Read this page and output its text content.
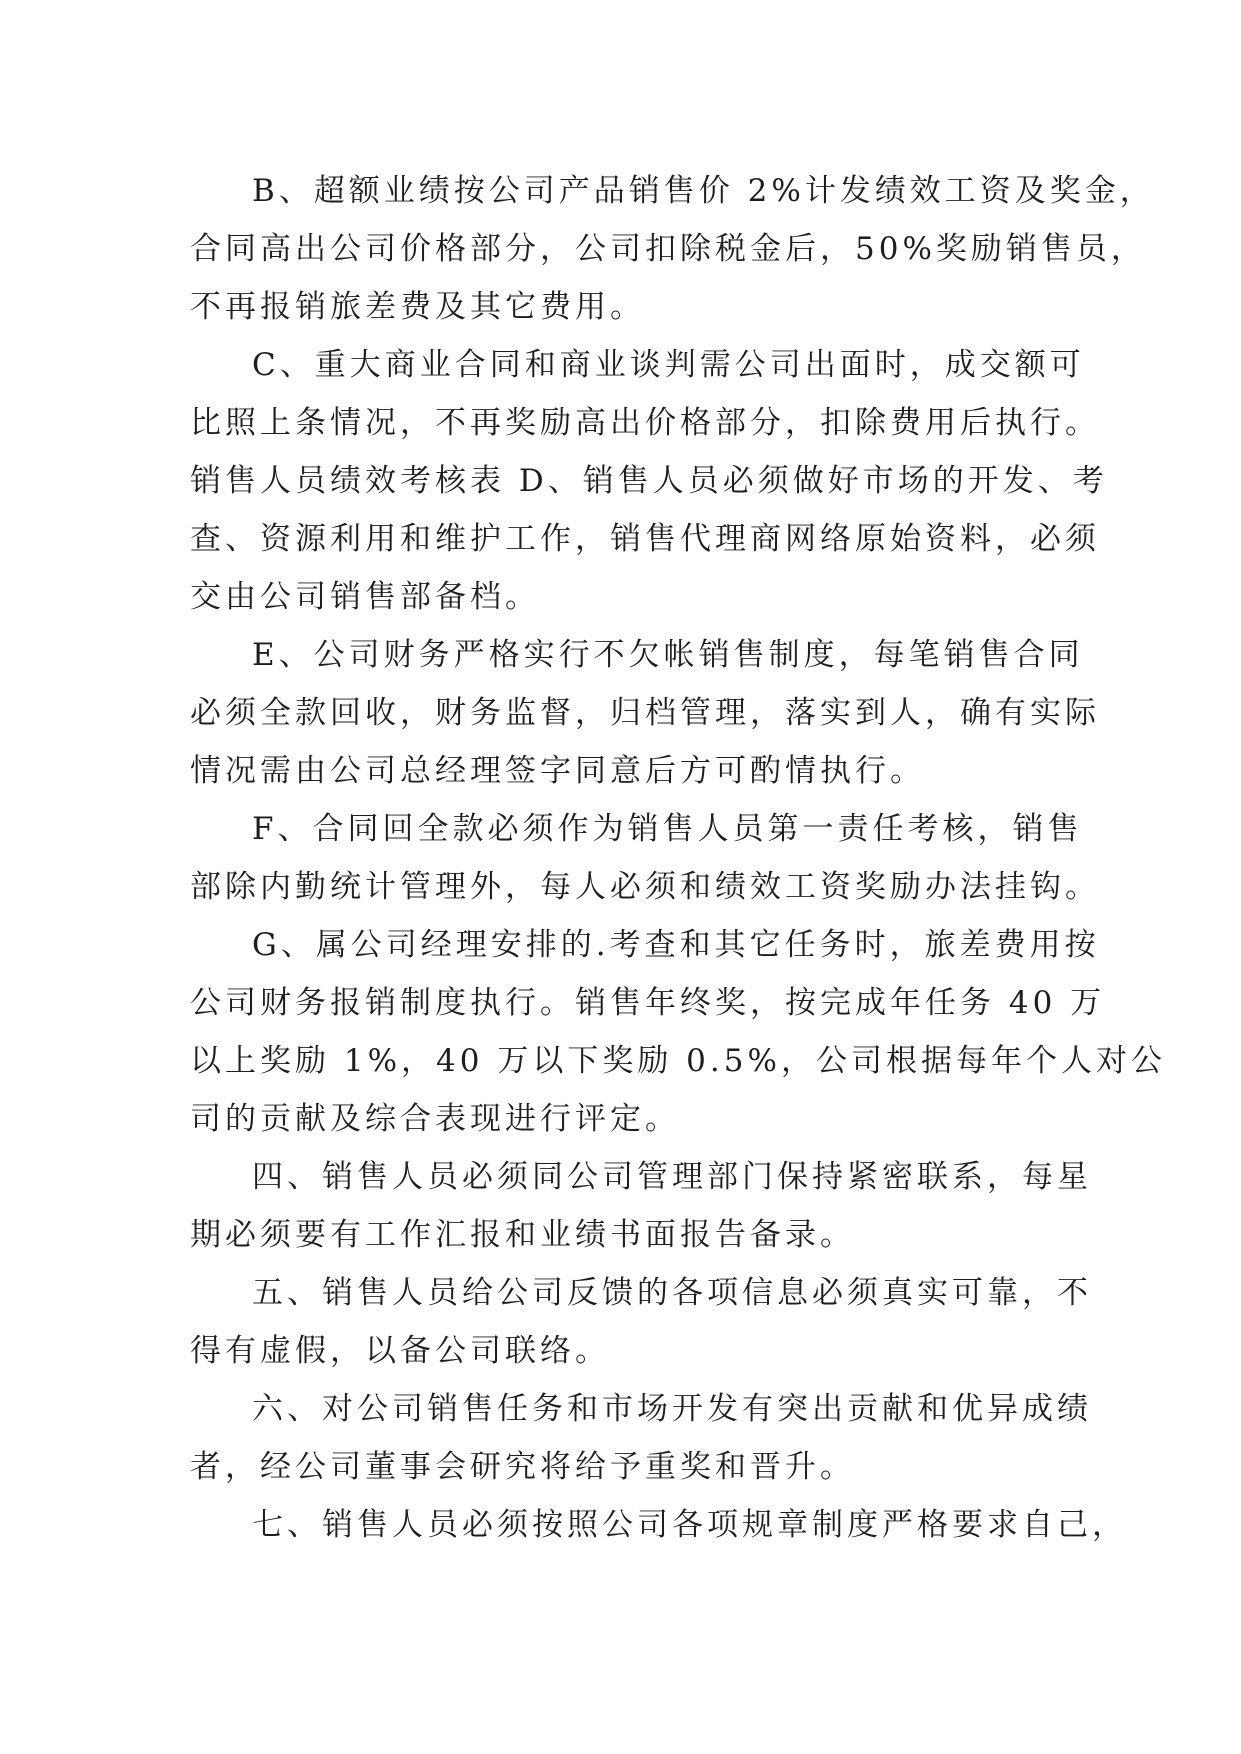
B、超额业绩按公司产品销售价 2%计发绩效工资及奖金，
合同高出公司价格部分，公司扣除税金后，50%奖励销售员，
不再报销旅差费及其它费用。
C、重大商业合同和商业谈判需公司出面时，成交额可
比照上条情况，不再奖励高出价格部分，扣除费用后执行。
销售人员绩效考核表 D、销售人员必须做好市场的开发、考
查、资源利用和维护工作，销售代理商网络原始资料，必须
交由公司销售部备档。
E、公司财务严格实行不欠帐销售制度，每笔销售合同
必须全款回收，财务监督，归档管理，落实到人，确有实际
情况需由公司总经理签字同意后方可酌情执行。
F、合同回全款必须作为销售人员第一责任考核，销售
部除内勤统计管理外，每人必须和绩效工资奖励办法挂钩。
G、属公司经理安排的.考查和其它任务时，旅差费用按
公司财务报销制度执行。销售年终奖，按完成年任务 40 万
以上奖励 1%，40 万以下奖励 0.5%，公司根据每年个人对公
司的贡献及综合表现进行评定。
四、销售人员必须同公司管理部门保持紧密联系，每星
期必须要有工作汇报和业绩书面报告备录。
五、销售人员给公司反馈的各项信息必须真实可靠，不
得有虚假，以备公司联络。
六、对公司销售任务和市场开发有突出贡献和优异成绩
者，经公司董事会研究将给予重奖和晋升。
七、销售人员必须按照公司各项规章制度严格要求自己，
